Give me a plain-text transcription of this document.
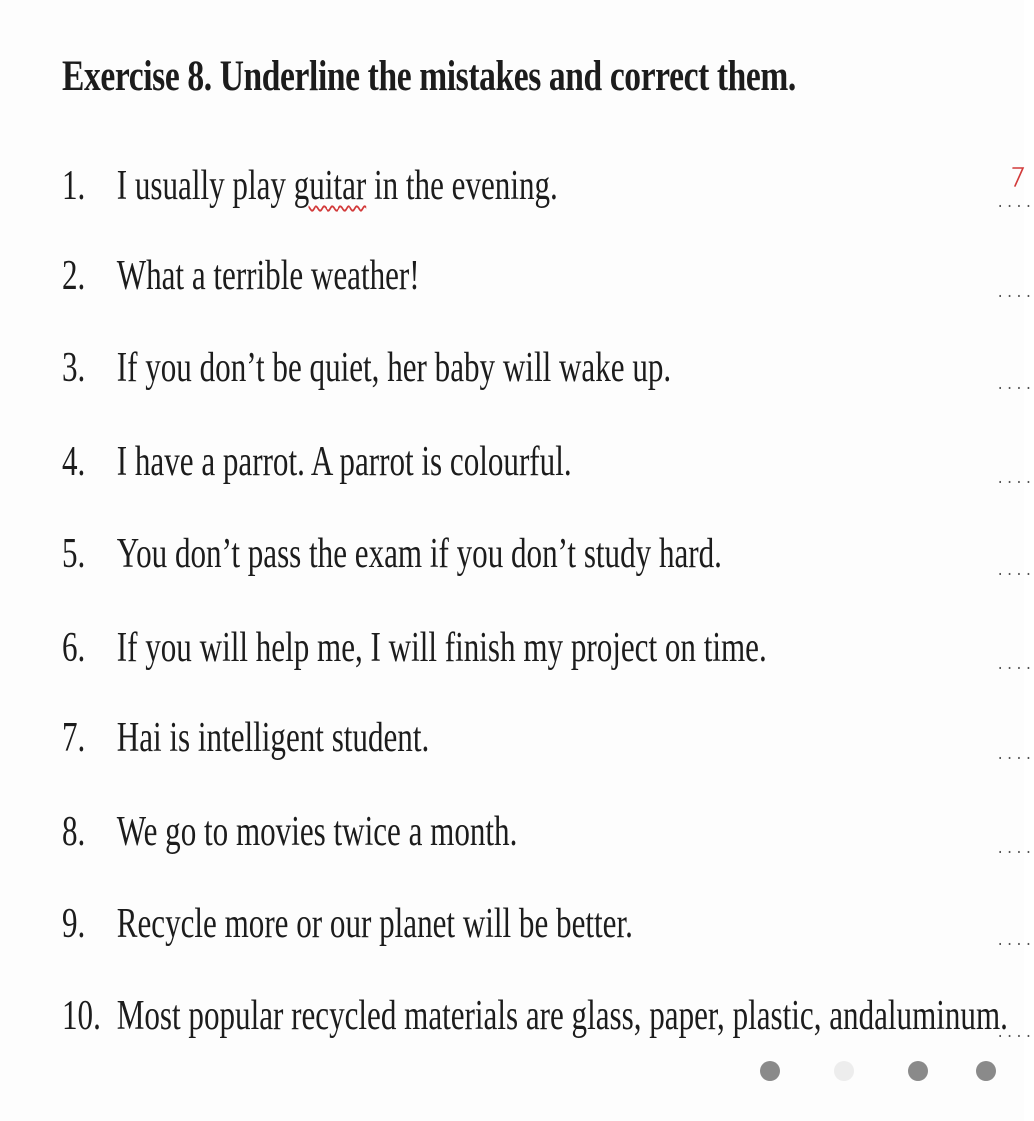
Exercise 8. Underline the mistakes and correct them.
1. I usually play guitar in the evening.
2. What a terrible weather!
3. If you don’t be quiet, her baby will wake up.
4. I have a parrot. A parrot is colourful.
5. You don’t pass the exam if you don’t study hard.
6. If you will help me, I will finish my project on time.
7. Hai is intelligent student.
8. We go to movies twice a month.
9. Recycle more or our planet will be better.
10. Most popular recycled materials are glass, paper, plastic, andaluminum.
....
....
....
....
....
....
....
....
....
....
